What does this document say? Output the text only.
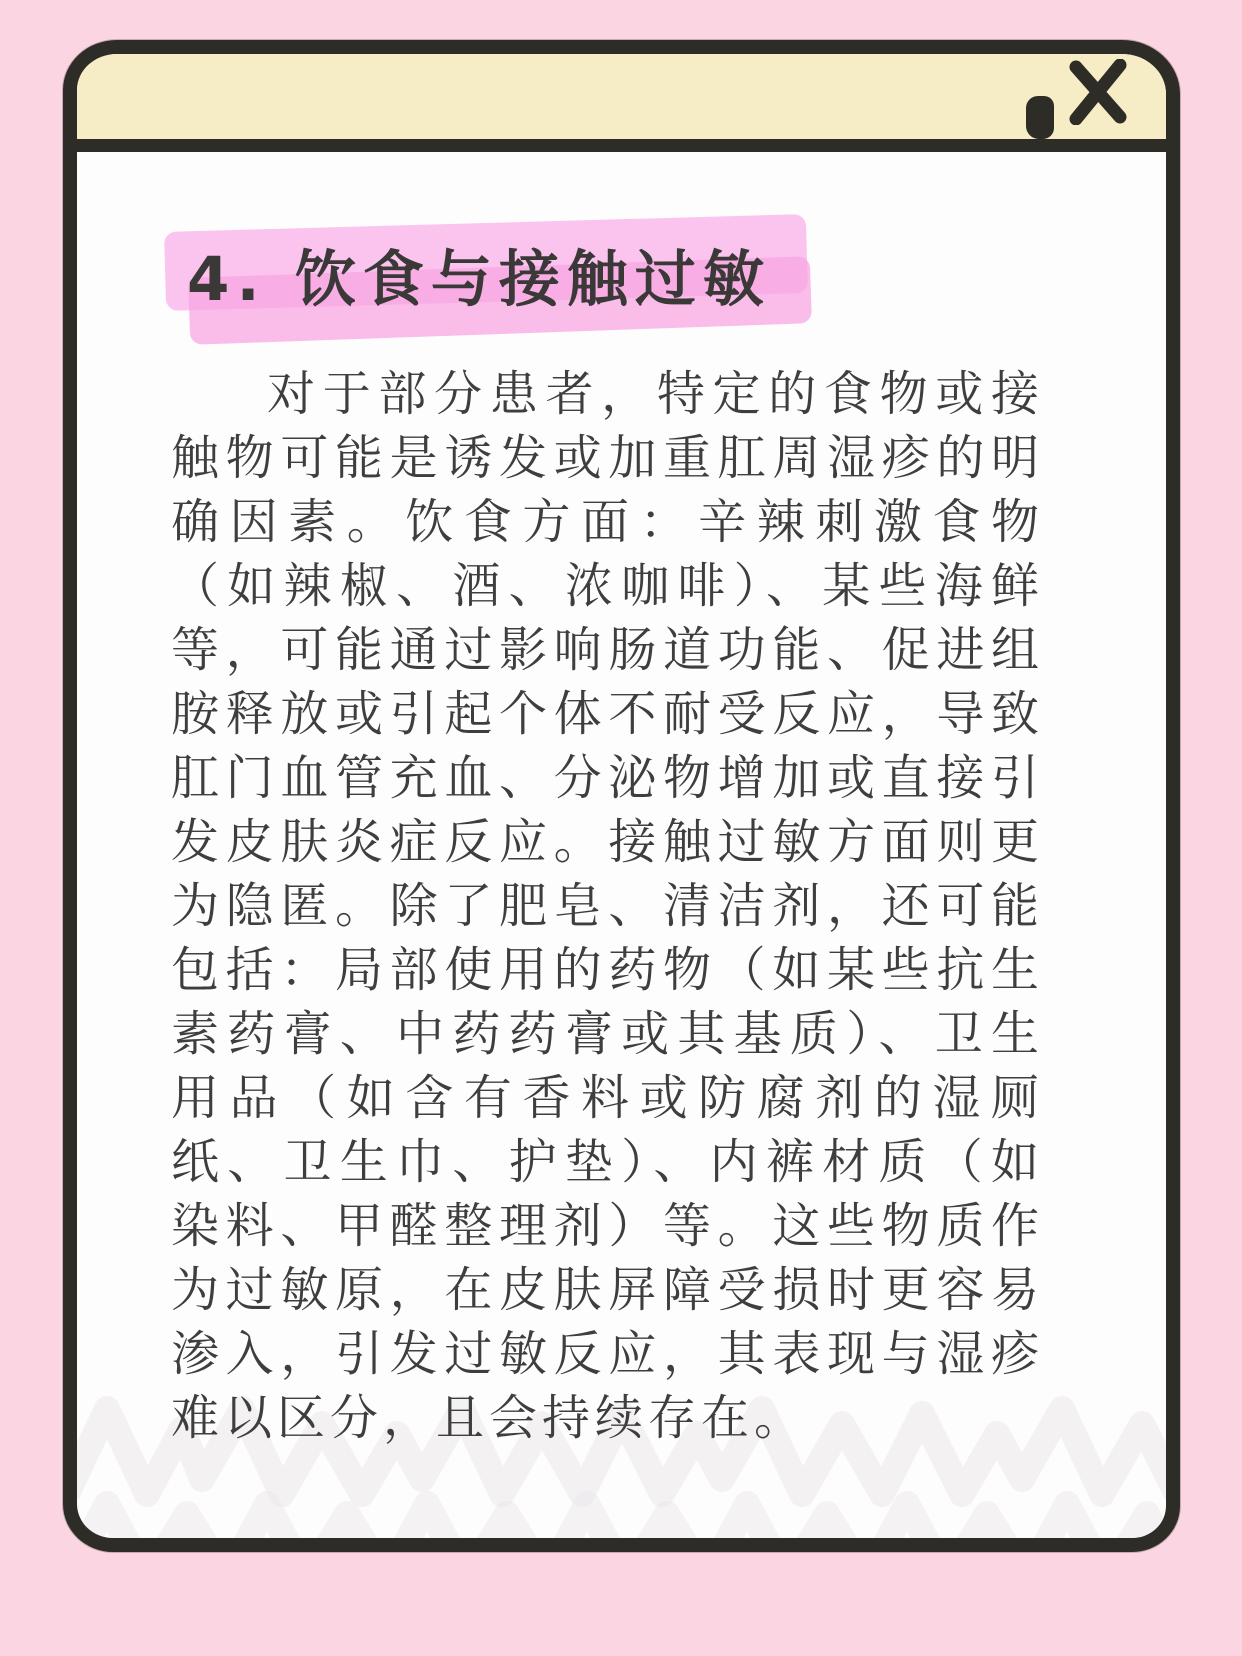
4. 饮食与接触过敏

对于部分患者，特定的食物或接触物可能是诱发或加重肛周湿疹的明确因素。饮食方面：辛辣刺激食物（如辣椒、酒、浓咖啡）、某些海鲜等，可能通过影响肠道功能、促进组胺释放或引起个体不耐受反应，导致肛门血管充血、分泌物增加或直接引发皮肤炎症反应。接触过敏方面则更为隐匿。除了肥皂、清洁剂，还可能包括：局部使用的药物（如某些抗生素药膏、中药药膏或其基质）、卫生用品（如含有香料或防腐剂的湿厕纸、卫生巾、护垫）、内裤材质（如染料、甲醛整理剂）等。这些物质作为过敏原，在皮肤屏障受损时更容易渗入，引发过敏反应，其表现与湿疹难以区分，且会持续存在。
